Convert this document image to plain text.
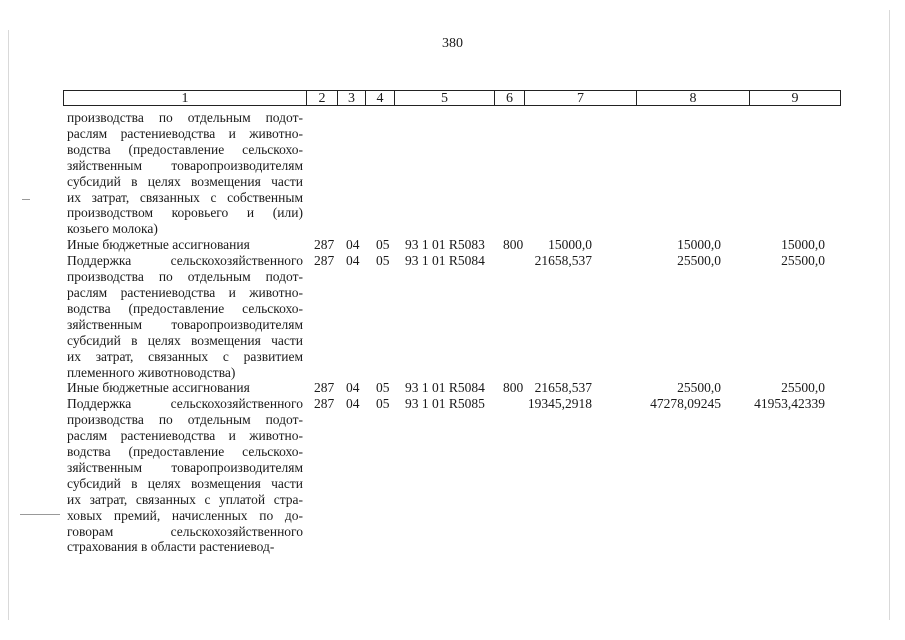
380
1	2	3	4	5	6	7	8	9
производства по отдельным подот-
раслям растениеводства и животно-
водства (предоставление сельскохо-
зяйственным товаропроизводителям
субсидий в целях возмещения части
их затрат, связанных с собственным
производством коровьего и (или)
козьего молока)
Иные бюджетные ассигнования	287 04 05 93 1 01 R5083 800 15000,0	15000,0	15000,0
Поддержка сельскохозяйственного
производства по отдельным подот-
раслям растениеводства и животно-
водства (предоставление сельскохо-
зяйственным товаропроизводителям
субсидий в целях возмещения части
их затрат, связанных с развитием
племенного животноводства)
287 04 05 93 1 01 R5084	21658,537	25500,0	25500,0
Иные бюджетные ассигнования	287 04 05 93 1 01 R5084 800 21658,537	25500,0	25500,0
Поддержка сельскохозяйственного
производства по отдельным подот-
раслям растениеводства и животно-
водства (предоставление сельскохо-
зяйственным товаропроизводителям
субсидий в целях возмещения части
их затрат, связанных с уплатой стра-
ховых премий, начисленных по до-
говорам сельскохозяйственного
страхования в области растениевод-
287 04 05 93 1 01 R5085	19345,2918	47278,09245 41953,42339
